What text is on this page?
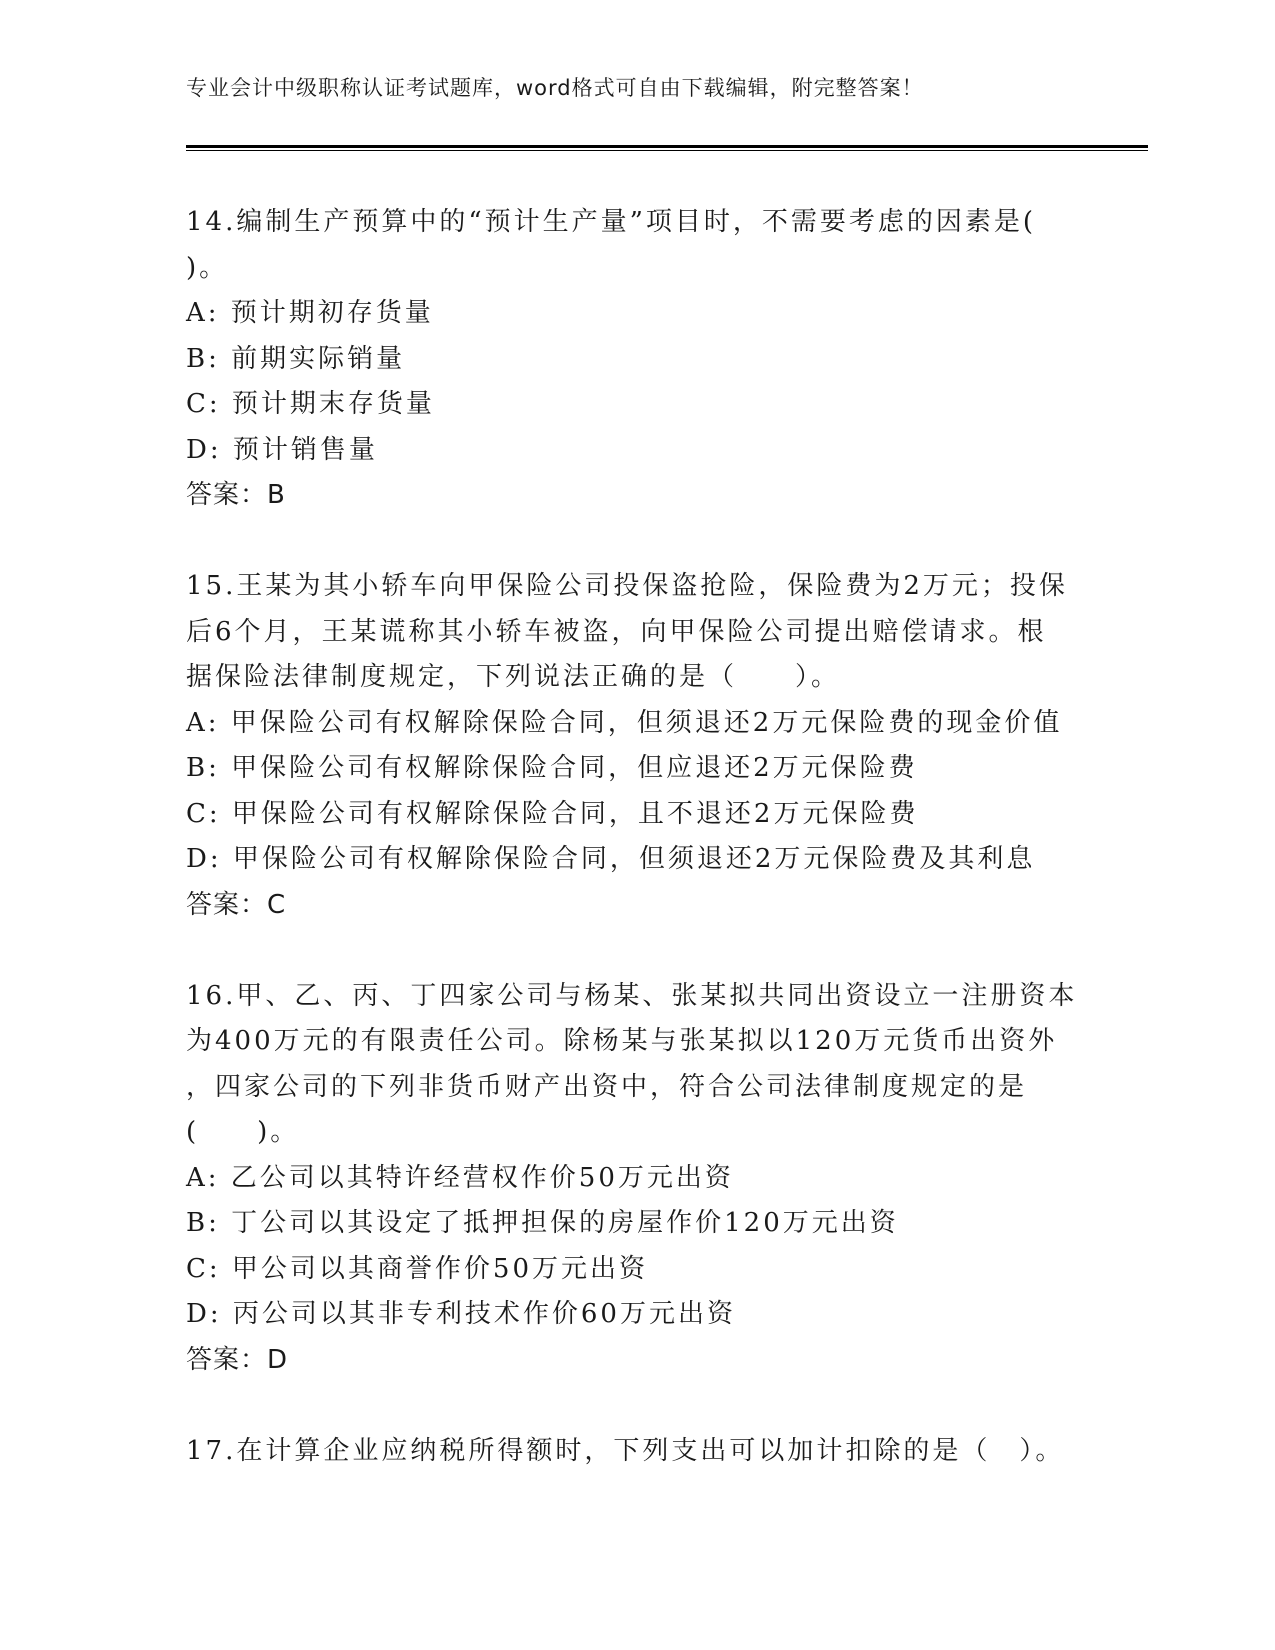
专业会计中级职称认证考试题库，word格式可自由下载编辑，附完整答案！
14.编制生产预算中的“预计生产量”项目时，不需要考虑的因素是(
)。
A: 预计期初存货量
B: 前期实际销量
C: 预计期末存货量
D: 预计销售量
答案：B
15.王某为其小轿车向甲保险公司投保盗抢险，保险费为2万元；投保
后6个月，王某谎称其小轿车被盗，向甲保险公司提出赔偿请求。根
据保险法律制度规定，下列说法正确的是（　　）。
A: 甲保险公司有权解除保险合同，但须退还2万元保险费的现金价值
B: 甲保险公司有权解除保险合同，但应退还2万元保险费
C: 甲保险公司有权解除保险合同，且不退还2万元保险费
D: 甲保险公司有权解除保险合同，但须退还2万元保险费及其利息
答案：C
16.甲、乙、丙、丁四家公司与杨某、张某拟共同出资设立一注册资本
为400万元的有限责任公司。除杨某与张某拟以120万元货币出资外
，四家公司的下列非货币财产出资中，符合公司法律制度规定的是
(　　)。
A: 乙公司以其特许经营权作价50万元出资
B: 丁公司以其设定了抵押担保的房屋作价120万元出资
C: 甲公司以其商誉作价50万元出资
D: 丙公司以其非专利技术作价60万元出资
答案：D
17.在计算企业应纳税所得额时，下列支出可以加计扣除的是（　）。
